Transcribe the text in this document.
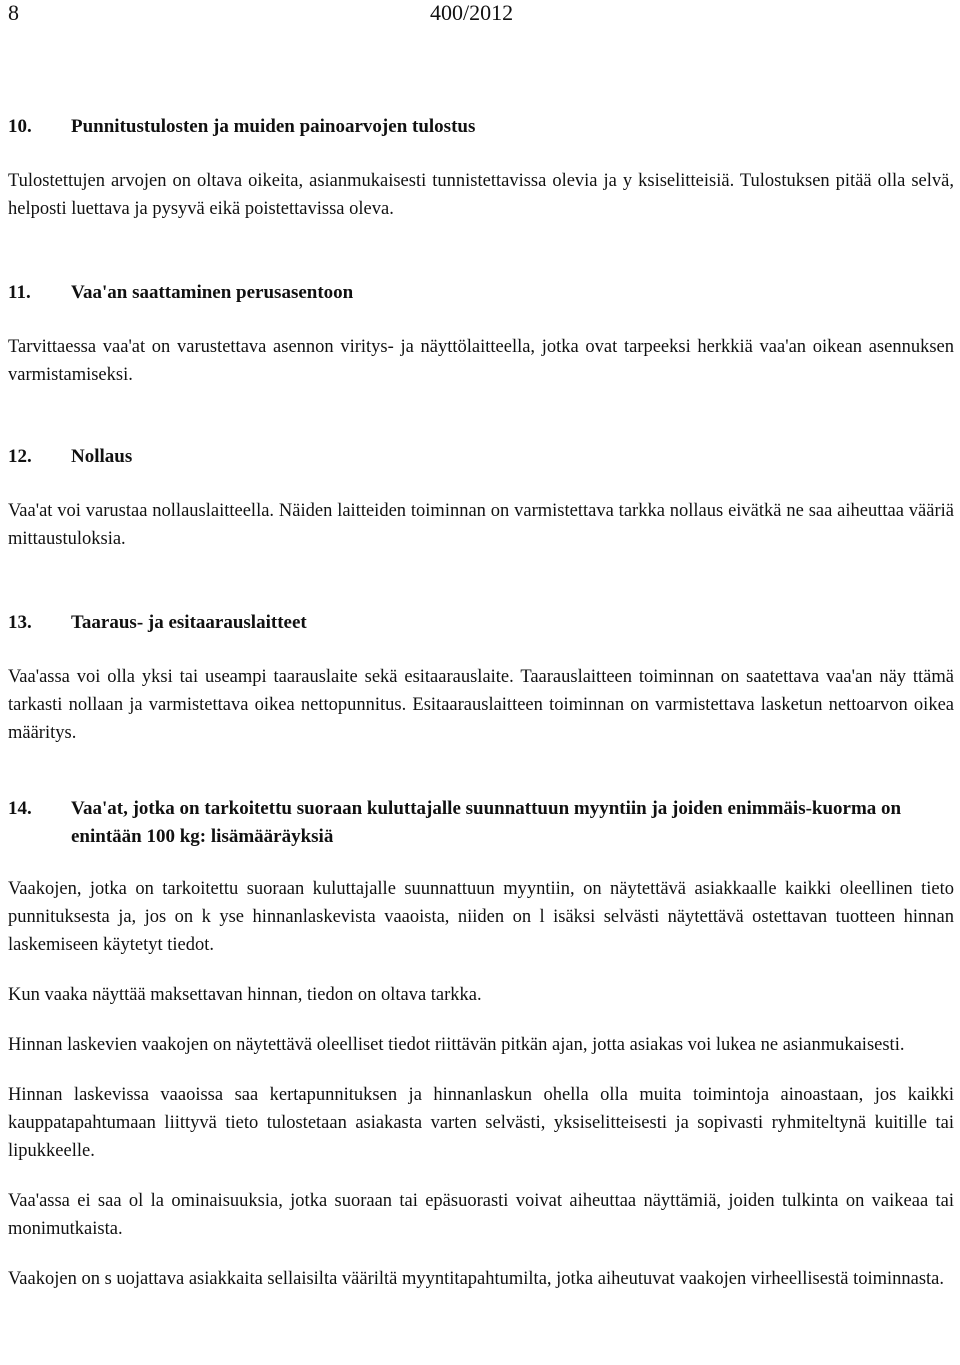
8	400/2012
10.	Punnitustulosten ja muiden painoarvojen tulostus

Tulostettujen arvojen on oltava oikeita, asianmukaisesti tunnistettavissa olevia ja y ksiselitteisiä. Tulostuksen pitää olla selvä, helposti luettava ja pysyvä eikä poistettavissa oleva.

11.	Vaa'an saattaminen perusasentoon

Tarvittaessa vaa'at on varustettava asennon viritys- ja näyttölaitteella, jotka ovat tarpeeksi herkkiä vaa'an oikean asennuksen varmistamiseksi.

12.	Nollaus

Vaa'at voi varustaa nollauslaitteella. Näiden laitteiden toiminnan on varmistettava tarkka nollaus eivätkä ne saa aiheuttaa vääriä mittaustuloksia.

13.	Taaraus- ja esitaarauslaitteet

Vaa'assa voi olla yksi tai useampi taarauslaite sekä esitaarauslaite. Taarauslaitteen toiminnan on saatettava vaa'an näy ttämä tarkasti nollaan ja varmistettava oikea nettopunnitus. Esitaarauslaitteen toiminnan on varmistettava lasketun nettoarvon oikea määritys.

14.	Vaa'at, jotka on tarkoitettu suoraan kuluttajalle suunnattuun myyntiin ja joiden enimmäis-kuorma on enintään 100 kg: lisämääräyksiä

Vaakojen, jotka on tarkoitettu suoraan kuluttajalle suunnattuun myyntiin, on näytettävä asiakkaalle kaikki oleellinen tieto punnituksesta ja, jos on k yse hinnanlaskevista vaaoista, niiden on l isäksi selvästi näytettävä ostettavan tuotteen hinnan laskemiseen käytetyt tiedot.

Kun vaaka näyttää maksettavan hinnan, tiedon on oltava tarkka.

Hinnan laskevien vaakojen on näytettävä oleelliset tiedot riittävän pitkän ajan, jotta asiakas voi lukea ne asianmukaisesti.

Hinnan laskevissa vaaoissa saa kertapunnituksen ja hinnanlaskun ohella olla muita toimintoja ainoastaan, jos kaikki kauppatapahtumaan liittyvä tieto tulostetaan asiakasta varten selvästi, yksiselitteisesti ja sopivasti ryhmiteltynä kuitille tai lipukkeelle.

Vaa'assa ei saa ol la ominaisuuksia, jotka suoraan tai epäsuorasti voivat aiheuttaa näyttämiä, joiden tulkinta on vaikeaa tai monimutkaista.

Vaakojen on s uojattava asiakkaita sellaisilta vääriltä myyntitapahtumilta, jotka aiheutuvat vaakojen virheellisestä toiminnasta.
